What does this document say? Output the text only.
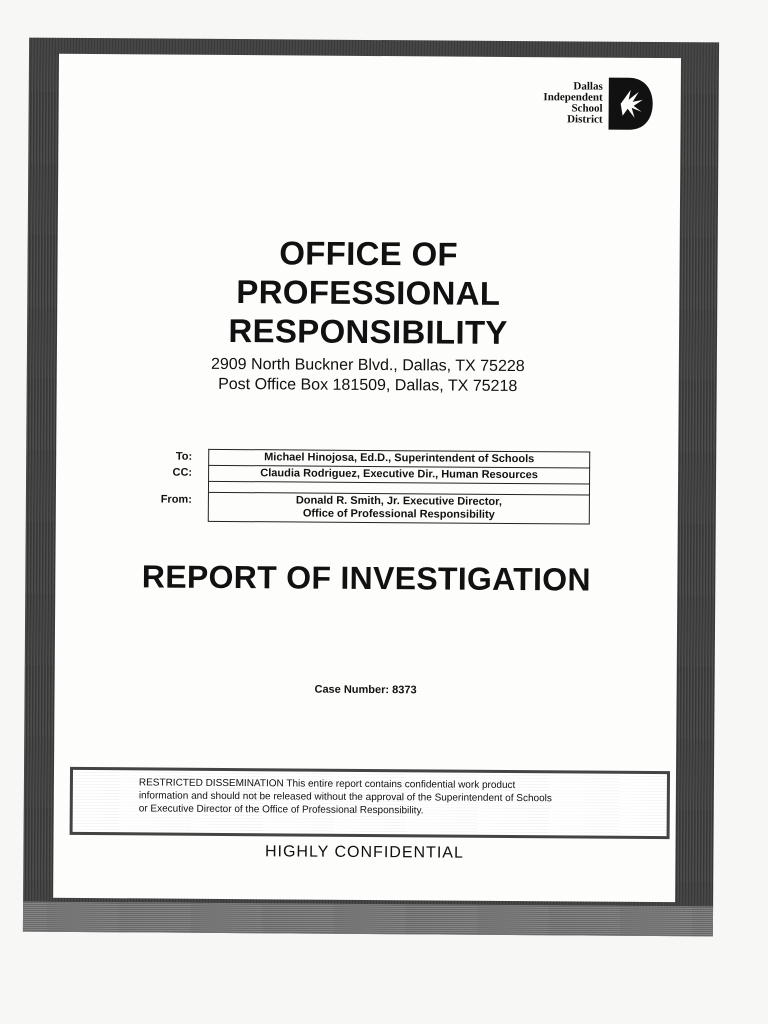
Dallas
Independent
School
District
OFFICE OF
PROFESSIONAL
RESPONSIBILITY
2909 North Buckner Blvd., Dallas, TX 75228
Post Office Box 181509, Dallas, TX 75218
To:	Michael Hinojosa, Ed.D., Superintendent of Schools
CC:	Claudia Rodriguez, Executive Dir., Human Resources
From:	Donald R. Smith, Jr. Executive Director,
Office of Professional Responsibility
REPORT OF INVESTIGATION
Case Number: 8373
RESTRICTED DISSEMINATION This entire report contains confidential work product
information and should not be released without the approval of the Superintendent of Schools
or Executive Director of the Office of Professional Responsibility.
HIGHLY CONFIDENTIAL
